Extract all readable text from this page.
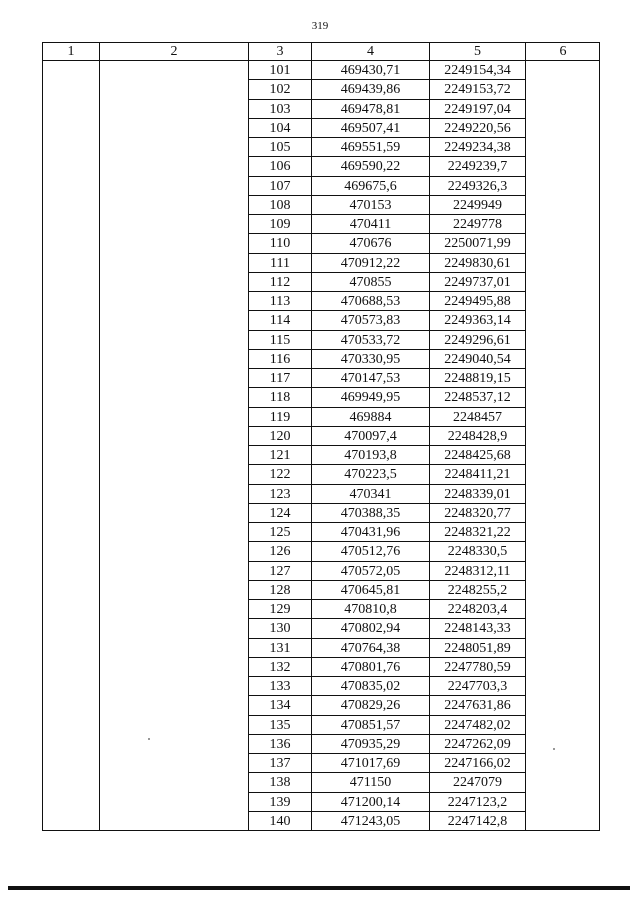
319
1	2	3	4	5	6
101	469430,71	2249154,34
102	469439,86	2249153,72
103	469478,81	2249197,04
104	469507,41	2249220,56
105	469551,59	2249234,38
106	469590,22	2249239,7
107	469675,6	2249326,3
108	470153	2249949
109	470411	2249778
110	470676	2250071,99
111	470912,22	2249830,61
112	470855	2249737,01
113	470688,53	2249495,88
114	470573,83	2249363,14
115	470533,72	2249296,61
116	470330,95	2249040,54
117	470147,53	2248819,15
118	469949,95	2248537,12
119	469884	2248457
120	470097,4	2248428,9
121	470193,8	2248425,68
122	470223,5	2248411,21
123	470341	2248339,01
124	470388,35	2248320,77
125	470431,96	2248321,22
126	470512,76	2248330,5
127	470572,05	2248312,11
128	470645,81	2248255,2
129	470810,8	2248203,4
130	470802,94	2248143,33
131	470764,38	2248051,89
132	470801,76	2247780,59
133	470835,02	2247703,3
134	470829,26	2247631,86
135	470851,57	2247482,02
136	470935,29	2247262,09
137	471017,69	2247166,02
138	471150	2247079
139	471200,14	2247123,2
140	471243,05	2247142,8
